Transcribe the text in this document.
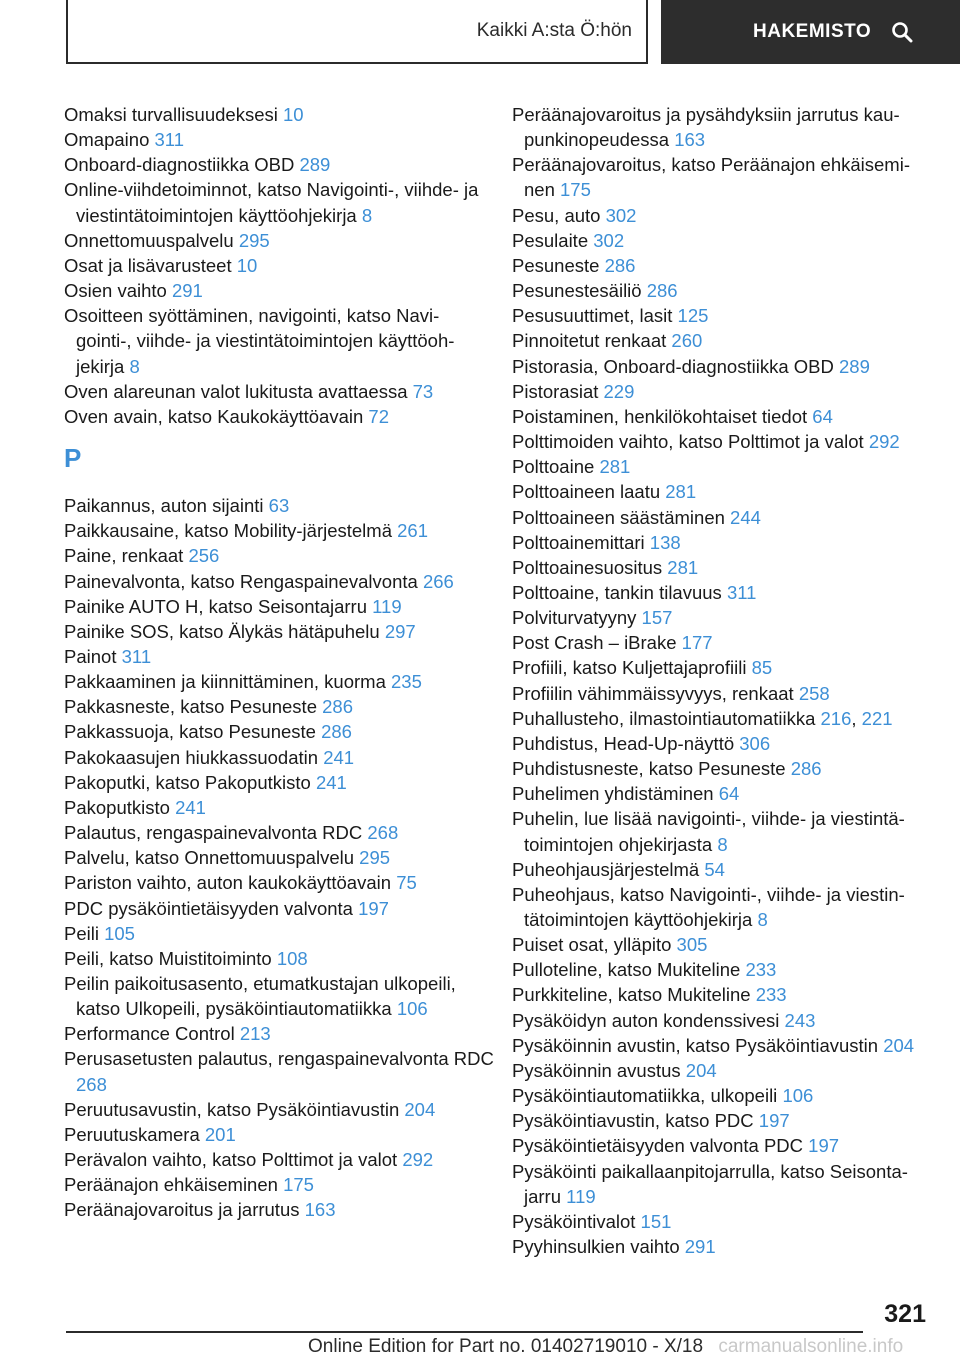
Kaikki A:sta Ö:hön	HAKEMISTO
Omaksi turvallisuudeksesi 10
Omapaino 311
Onboard-diagnostiikka OBD 289
Online-viihdetoiminnot, katso Navigointi-, viihde- ja viestintätoimintojen käyttöohjekirja 8
Onnettomuuspalvelu 295
Osat ja lisävarusteet 10
Osien vaihto 291
Osoitteen syöttäminen, navigointi, katso Navi‐ gointi-, viihde- ja viestintätoimintojen käyttöoh‐ jekirja 8
Oven alareunan valot lukitusta avattaessa 73
Oven avain, katso Kaukokäyttöavain 72
P
Paikannus, auton sijainti 63
Paikkausaine, katso Mobility-järjestelmä 261
Paine, renkaat 256
Painevalvonta, katso Rengaspainevalvonta 266
Painike AUTO H, katso Seisontajarru 119
Painike SOS, katso Älykäs hätäpuhelu 297
Painot 311
Pakkaaminen ja kiinnittäminen, kuorma 235
Pakkasneste, katso Pesuneste 286
Pakkassuoja, katso Pesuneste 286
Pakokaasujen hiukkassuodatin 241
Pakoputki, katso Pakoputkisto 241
Pakoputkisto 241
Palautus, rengaspainevalvonta RDC 268
Palvelu, katso Onnettomuuspalvelu 295
Pariston vaihto, auton kaukokäyttöavain 75
PDC pysäköintietäisyyden valvonta 197
Peili 105
Peili, katso Muistitoiminto 108
Peilin paikoitusasento, etumatkustajan ulkopeili, katso Ulkopeili, pysäköintiautomatiikka 106
Performance Control 213
Perusasetusten palautus, rengaspainevalvonta RDC 268
Peruutusavustin, katso Pysäköintiavustin 204
Peruutuskamera 201
Perävalon vaihto, katso Polttimot ja valot 292
Peräänajon ehkäiseminen 175
Peräänajovaroitus ja jarrutus 163
Peräänajovaroitus ja pysähdyksiin jarrutus kau‐ punkinopeudessa 163
Peräänajovaroitus, katso Peräänajon ehkäisemi‐ nen 175
Pesu, auto 302
Pesulaite 302
Pesuneste 286
Pesunestesäiliö 286
Pesusuuttimet, lasit 125
Pinnoitetut renkaat 260
Pistorasia, Onboard-diagnostiikka OBD 289
Pistorasiat 229
Poistaminen, henkilökohtaiset tiedot 64
Polttimoiden vaihto, katso Polttimot ja valot 292
Polttoaine 281
Polttoaineen laatu 281
Polttoaineen säästäminen 244
Polttoainemittari 138
Polttoainesuositus 281
Polttoaine, tankin tilavuus 311
Polviturvatyyny 157
Post Crash – iBrake 177
Profiili, katso Kuljettajaprofiili 85
Profiilin vähimmäissyvyys, renkaat 258
Puhallusteho, ilmastointiautomatiikka 216, 221
Puhdistus, Head-Up-näyttö 306
Puhdistusneste, katso Pesuneste 286
Puhelimen yhdistäminen 64
Puhelin, lue lisää navigointi-, viihde- ja viestintä‐ toimintojen ohjekirjasta 8
Puheohjausjärjestelmä 54
Puheohjaus, katso Navigointi-, viihde- ja viestin‐ tätoimintojen käyttöohjekirja 8
Puiset osat, ylläpito 305
Pulloteline, katso Mukiteline 233
Purkkiteline, katso Mukiteline 233
Pysäköidyn auton kondenssivesi 243
Pysäköinnin avustin, katso Pysäköintiavustin 204
Pysäköinnin avustus 204
Pysäköintiautomatiikka, ulkopeili 106
Pysäköintiavustin, katso PDC 197
Pysäköintietäisyyden valvonta PDC 197
Pysäköinti paikallaanpitojarrulla, katso Seisonta‐ jarru 119
Pysäköintivalot 151
Pyyhinsulkien vaihto 291
321
Online Edition for Part no. 01402719010 - X/18 carmanualsonline.info
